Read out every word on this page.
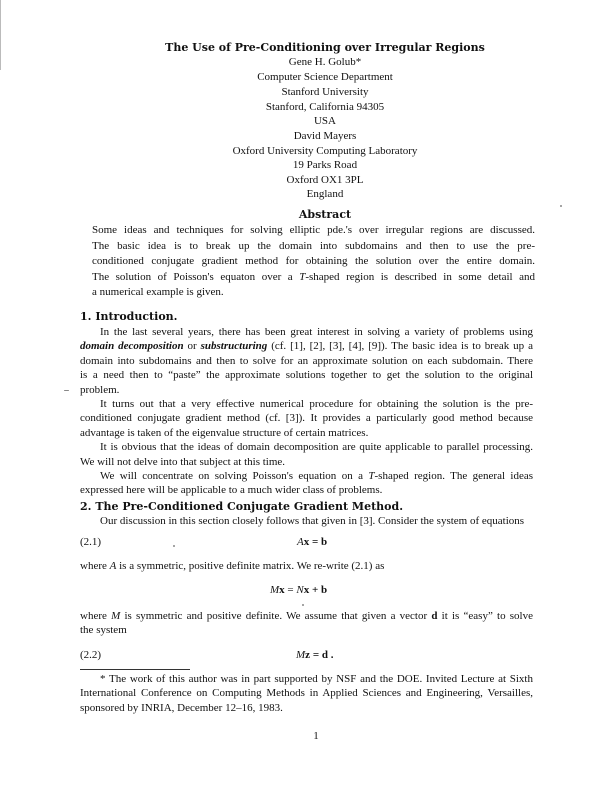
The Use of Pre-Conditioning over Irregular Regions
Gene H. Golub*
Computer Science Department
Stanford University
Stanford, California 94305
USA
David Mayers
Oxford University Computing Laboratory
19 Parks Road
Oxford OX1 3PL
England
Abstract
Some ideas and techniques for solving elliptic pde.'s over irregular regions are discussed.
The basic idea is to break up the domain into subdomains and then to use the pre-
conditioned conjugate gradient method for obtaining the solution over the entire domain.
The solution of Poisson's equaton over a T-shaped region is described in some detail and
a numerical example is given.
1. Introduction.
In the last several years, there has been great interest in solving a variety of problems using
domain decomposition or substructuring (cf. [1], [2], [3], [4], [9]). The basic idea is to break up a
domain into subdomains and then to solve for an approximate solution on each subdomain. There
is a need then to “paste” the approximate solutions together to get the solution to the original
problem.
It turns out that a very effective numerical procedure for obtaining the solution is the pre-
conditioned conjugate gradient method (cf. [3]). It provides a particularly good method because
advantage is taken of the eigenvalue structure of certain matrices.
It is obvious that the ideas of domain decomposition are quite applicable to parallel processing.
We will not delve into that subject at this time.
We will concentrate on solving Poisson's equation on a T-shaped region. The general ideas
expressed here will be applicable to a much wider class of problems.
2. The Pre-Conditioned Conjugate Gradient Method.
Our discussion in this section closely follows that given in [3]. Consider the system of equations
(2.1)	Ax = b
where A is a symmetric, positive definite matrix. We re-write (2.1) as
Mx = Nx + b
where M is symmetric and positive definite. We assume that given a vector d it is “easy” to solve
the system
(2.2)	Mz = d .
* The work of this author was in part supported by NSF and the DOE. Invited Lecture at Sixth
International Conference on Computing Methods in Applied Sciences and Engineering, Versailles,
sponsored by INRIA, December 12–16, 1983.
1
